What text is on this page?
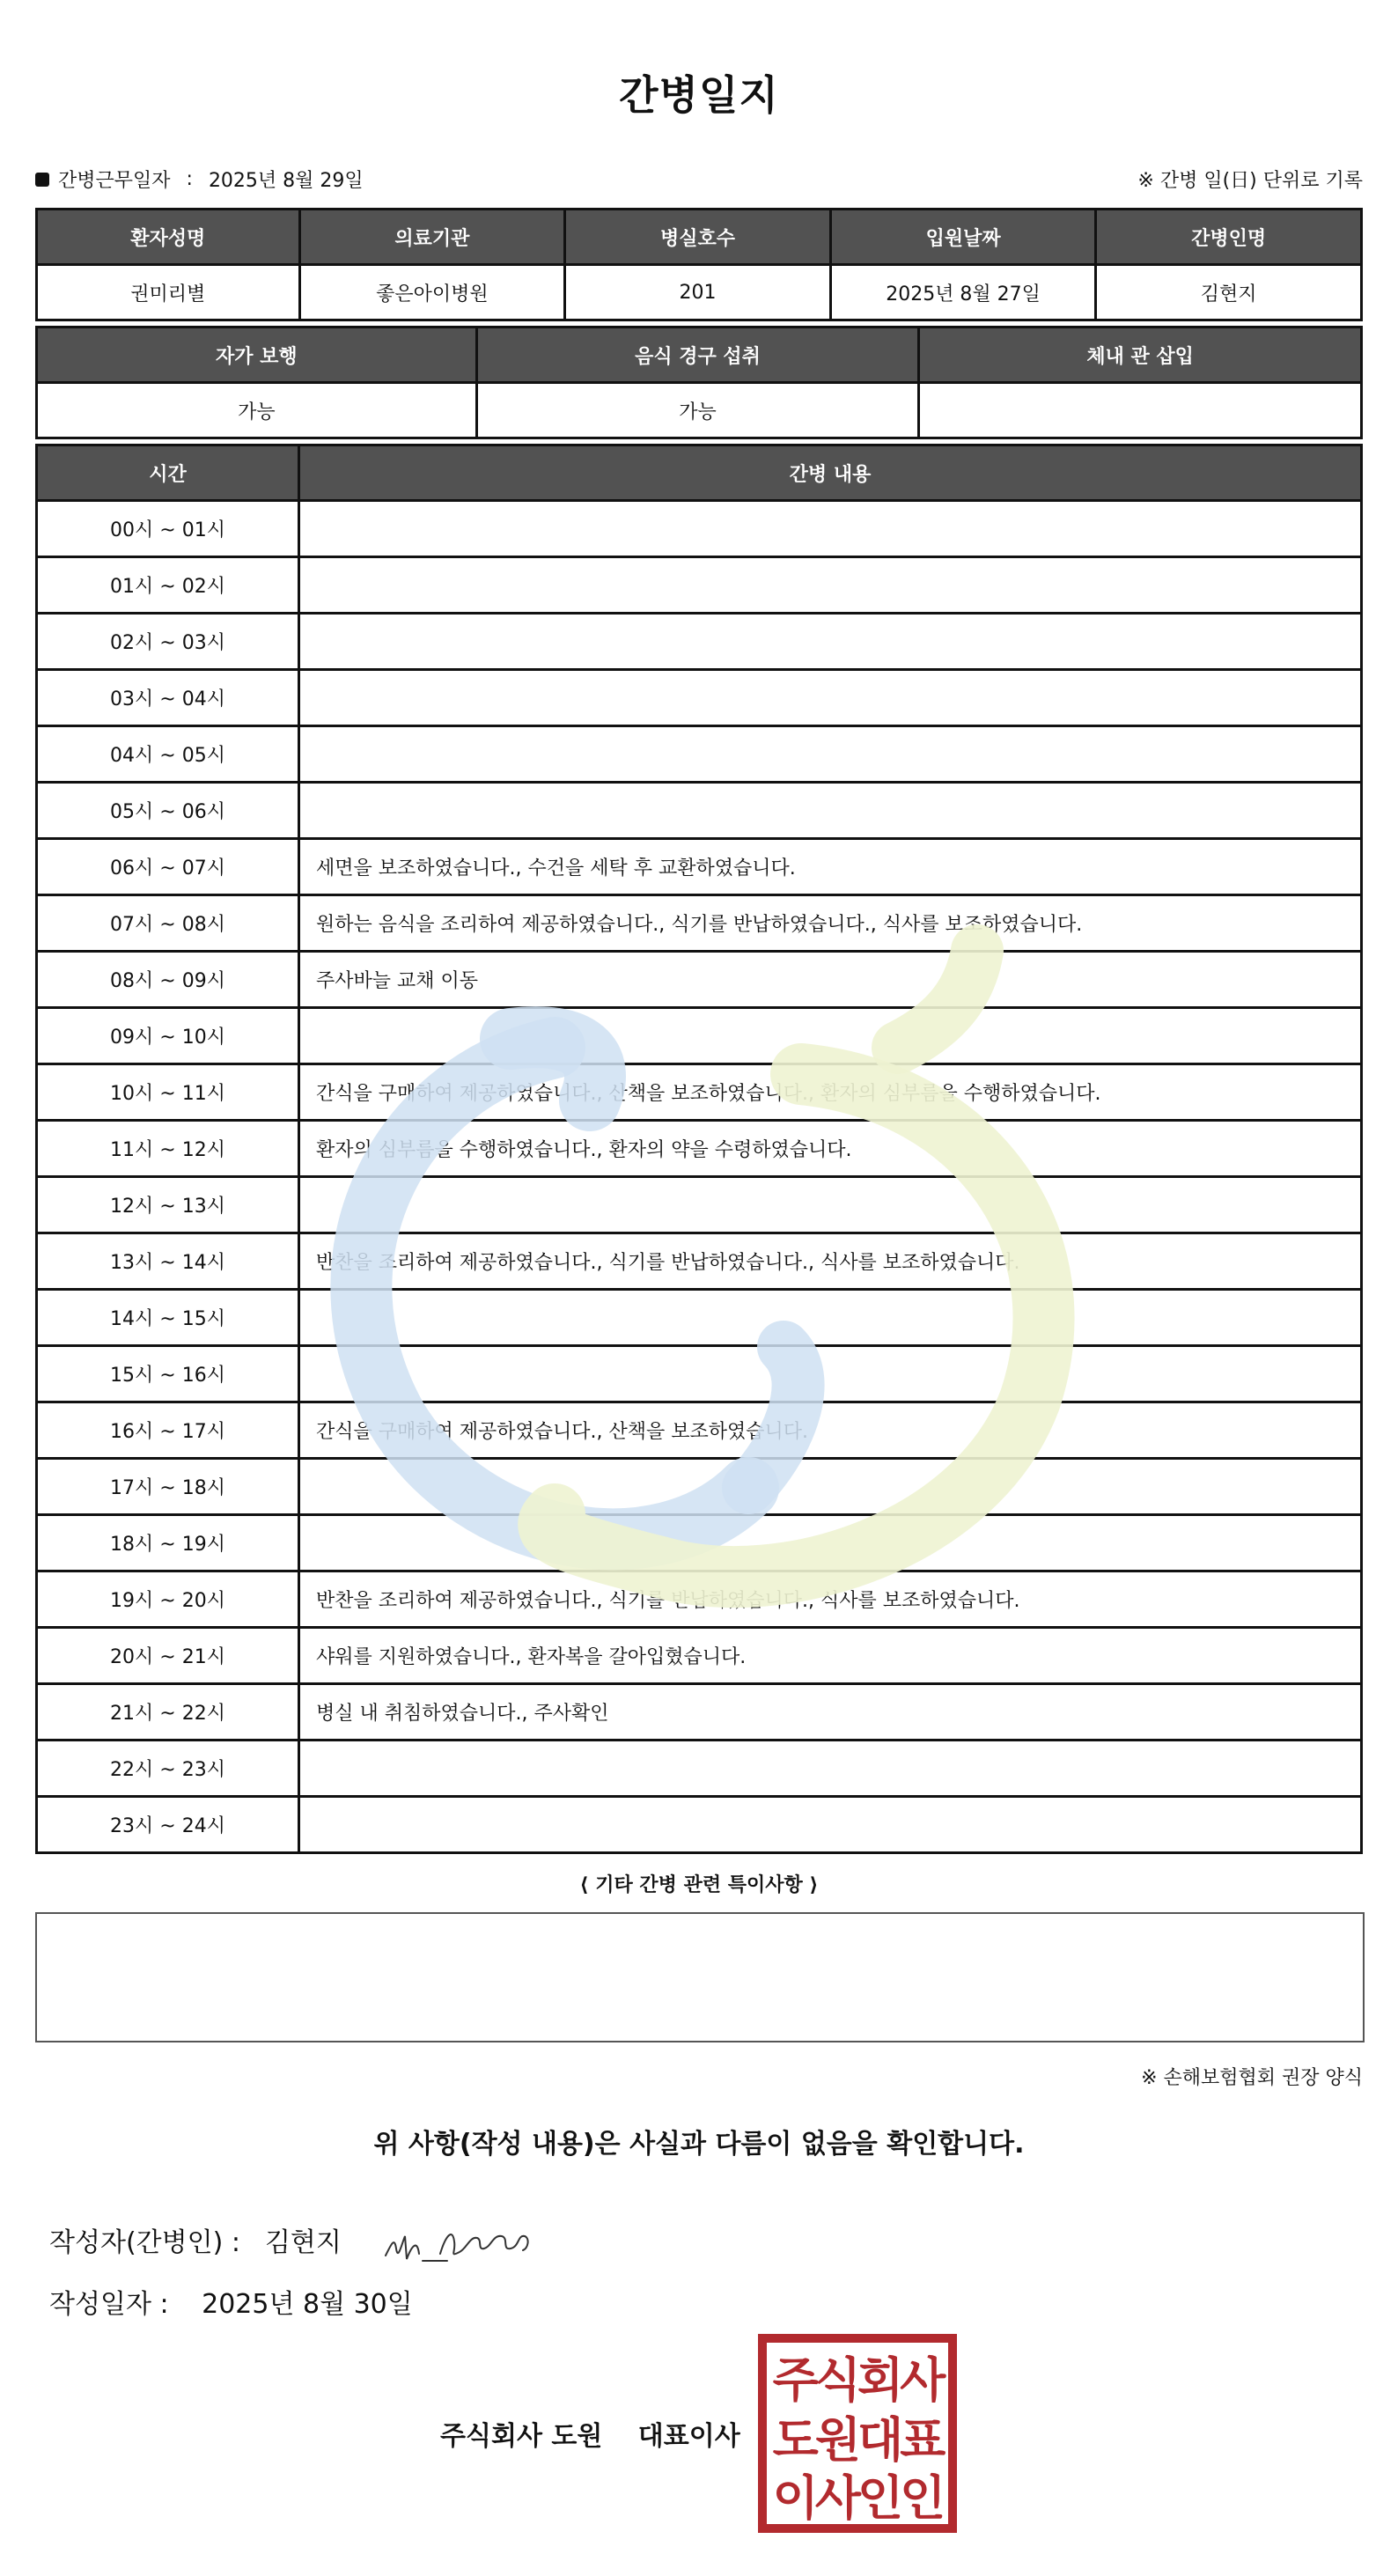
간병일지
간병근무일자 : 2025년 8월 29일	※ 간병 일(日) 단위로 기록
환자성명	의료기관	병실호수	입원날짜	간병인명
권미리별	좋은아이병원	201	2025년 8월 27일	김현지
자가 보행	음식 경구 섭취	체내 관 삽입
가능	가능	
시간	간병 내용
00시 ~ 01시	
01시 ~ 02시	
02시 ~ 03시	
03시 ~ 04시	
04시 ~ 05시	
05시 ~ 06시	
06시 ~ 07시	세면을 보조하였습니다., 수건을 세탁 후 교환하였습니다.
07시 ~ 08시	원하는 음식을 조리하여 제공하였습니다., 식기를 반납하였습니다., 식사를 보조하였습니다.
08시 ~ 09시	주사바늘 교채 이동
09시 ~ 10시	
10시 ~ 11시	간식을 구매하여 제공하였습니다., 산책을 보조하였습니다., 환자의 심부름을 수행하였습니다.
11시 ~ 12시	환자의 심부름을 수행하였습니다., 환자의 약을 수령하였습니다.
12시 ~ 13시	
13시 ~ 14시	반찬을 조리하여 제공하였습니다., 식기를 반납하였습니다., 식사를 보조하였습니다.
14시 ~ 15시	
15시 ~ 16시	
16시 ~ 17시	간식을 구매하여 제공하였습니다., 산책을 보조하였습니다.
17시 ~ 18시	
18시 ~ 19시	
19시 ~ 20시	반찬을 조리하여 제공하였습니다., 식기를 반납하였습니다., 식사를 보조하였습니다.
20시 ~ 21시	샤워를 지원하였습니다., 환자복을 갈아입혔습니다.
21시 ~ 22시	병실 내 취침하였습니다., 주사확인
22시 ~ 23시	
23시 ~ 24시	
⟨ 기타 간병 관련 특이사항 ⟩
※ 손해보험협회 권장 양식
위 사항(작성 내용)은 사실과 다름이 없음을 확인합니다.
작성자(간병인) : 김현지
작성일자 : 2025년 8월 30일
주식회사 도원 대표이사
주식회사
도원대표
이사인인
